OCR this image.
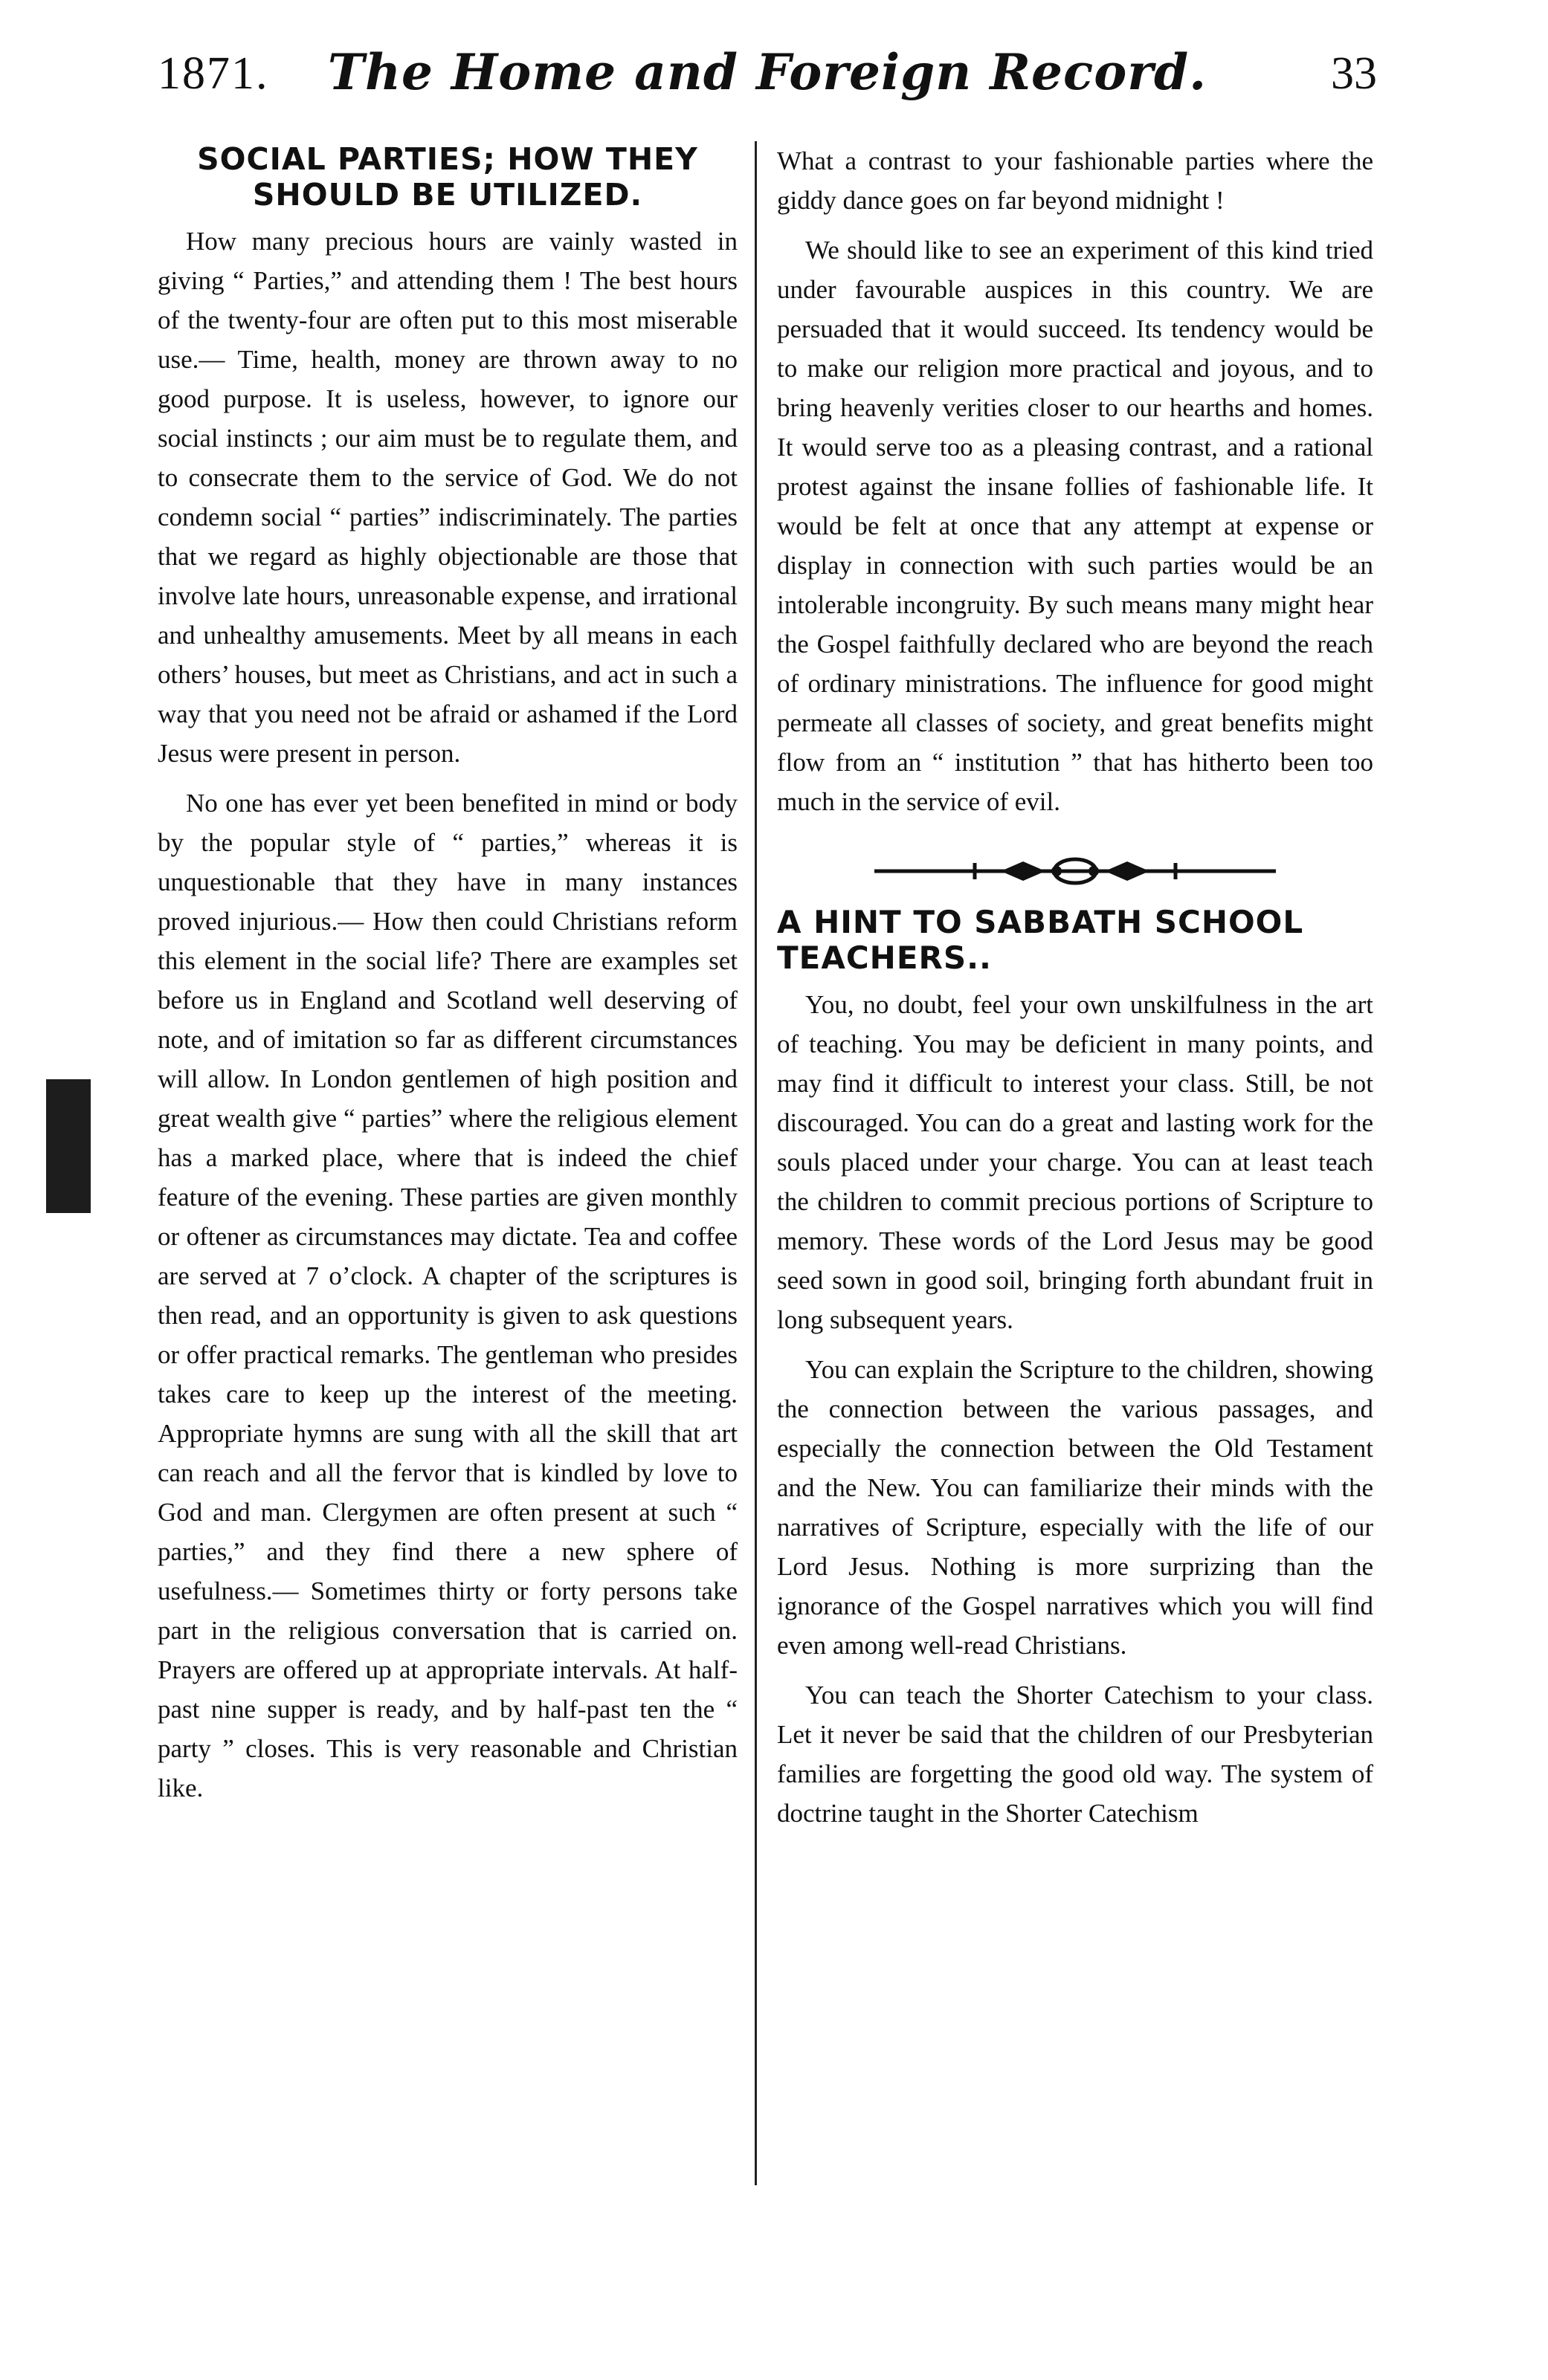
1871.	The Home and Foreign Record.	33
SOCIAL PARTIES; HOW THEY SHOULD BE UTILIZED.

How many precious hours are vainly wasted in giving “ Parties,” and attending them ! The best hours of the twenty-four are often put to this most miserable use.— Time, health, money are thrown away to no good purpose. It is useless, however, to ignore our social instincts ; our aim must be to regulate them, and to consecrate them to the service of God. We do not condemn social “ parties” indiscriminately. The parties that we regard as highly objectionable are those that involve late hours, unreasonable expense, and irrational and unhealthy amusements. Meet by all means in each others’ houses, but meet as Christians, and act in such a way that you need not be afraid or ashamed if the Lord Jesus were present in person.

No one has ever yet been benefited in mind or body by the popular style of “ parties,” whereas it is unquestionable that they have in many instances proved injurious.— How then could Christians reform this element in the social life? There are examples set before us in England and Scotland well deserving of note, and of imitation so far as different circumstances will allow. In London gentlemen of high position and great wealth give “ parties” where the religious element has a marked place, where that is indeed the chief feature of the evening. These parties are given monthly or oftener as circumstances may dictate. Tea and coffee are served at 7 o’clock. A chapter of the scriptures is then read, and an opportunity is given to ask questions or offer practical remarks. The gentleman who presides takes care to keep up the interest of the meeting. Appropriate hymns are sung with all the skill that art can reach and all the fervor that is kindled by love to God and man. Clergymen are often present at such “ parties,” and they find there a new sphere of usefulness.— Sometimes thirty or forty persons take part in the religious conversation that is carried on. Prayers are offered up at appropriate intervals. At half-past nine supper is ready, and by half-past ten the “ party ” closes. This is very reasonable and Christian like.

What a contrast to your fashionable parties where the giddy dance goes on far beyond midnight !

We should like to see an experiment of this kind tried under favourable auspices in this country. We are persuaded that it would succeed. Its tendency would be to make our religion more practical and joyous, and to bring heavenly verities closer to our hearths and homes. It would serve too as a pleasing contrast, and a rational protest against the insane follies of fashionable life. It would be felt at once that any attempt at expense or display in connection with such parties would be an intolerable incongruity. By such means many might hear the Gospel faithfully declared who are beyond the reach of ordinary ministrations. The influence for good might permeate all classes of society, and great benefits might flow from an “ institution ” that has hitherto been too much in the service of evil.

A HINT TO SABBATH SCHOOL TEACHERS..

You, no doubt, feel your own unskilfulness in the art of teaching. You may be deficient in many points, and may find it difficult to interest your class. Still, be not discouraged. You can do a great and lasting work for the souls placed under your charge. You can at least teach the children to commit precious portions of Scripture to memory. These words of the Lord Jesus may be good seed sown in good soil, bringing forth abundant fruit in long subsequent years.

You can explain the Scripture to the children, showing the connection between the various passages, and especially the connection between the Old Testament and the New. You can familiarize their minds with the narratives of Scripture, especially with the life of our Lord Jesus. Nothing is more surprizing than the ignorance of the Gospel narratives which you will find even among well-read Christians.

You can teach the Shorter Catechism to your class. Let it never be said that the children of our Presbyterian families are forgetting the good old way. The system of doctrine taught in the Shorter Catechism
